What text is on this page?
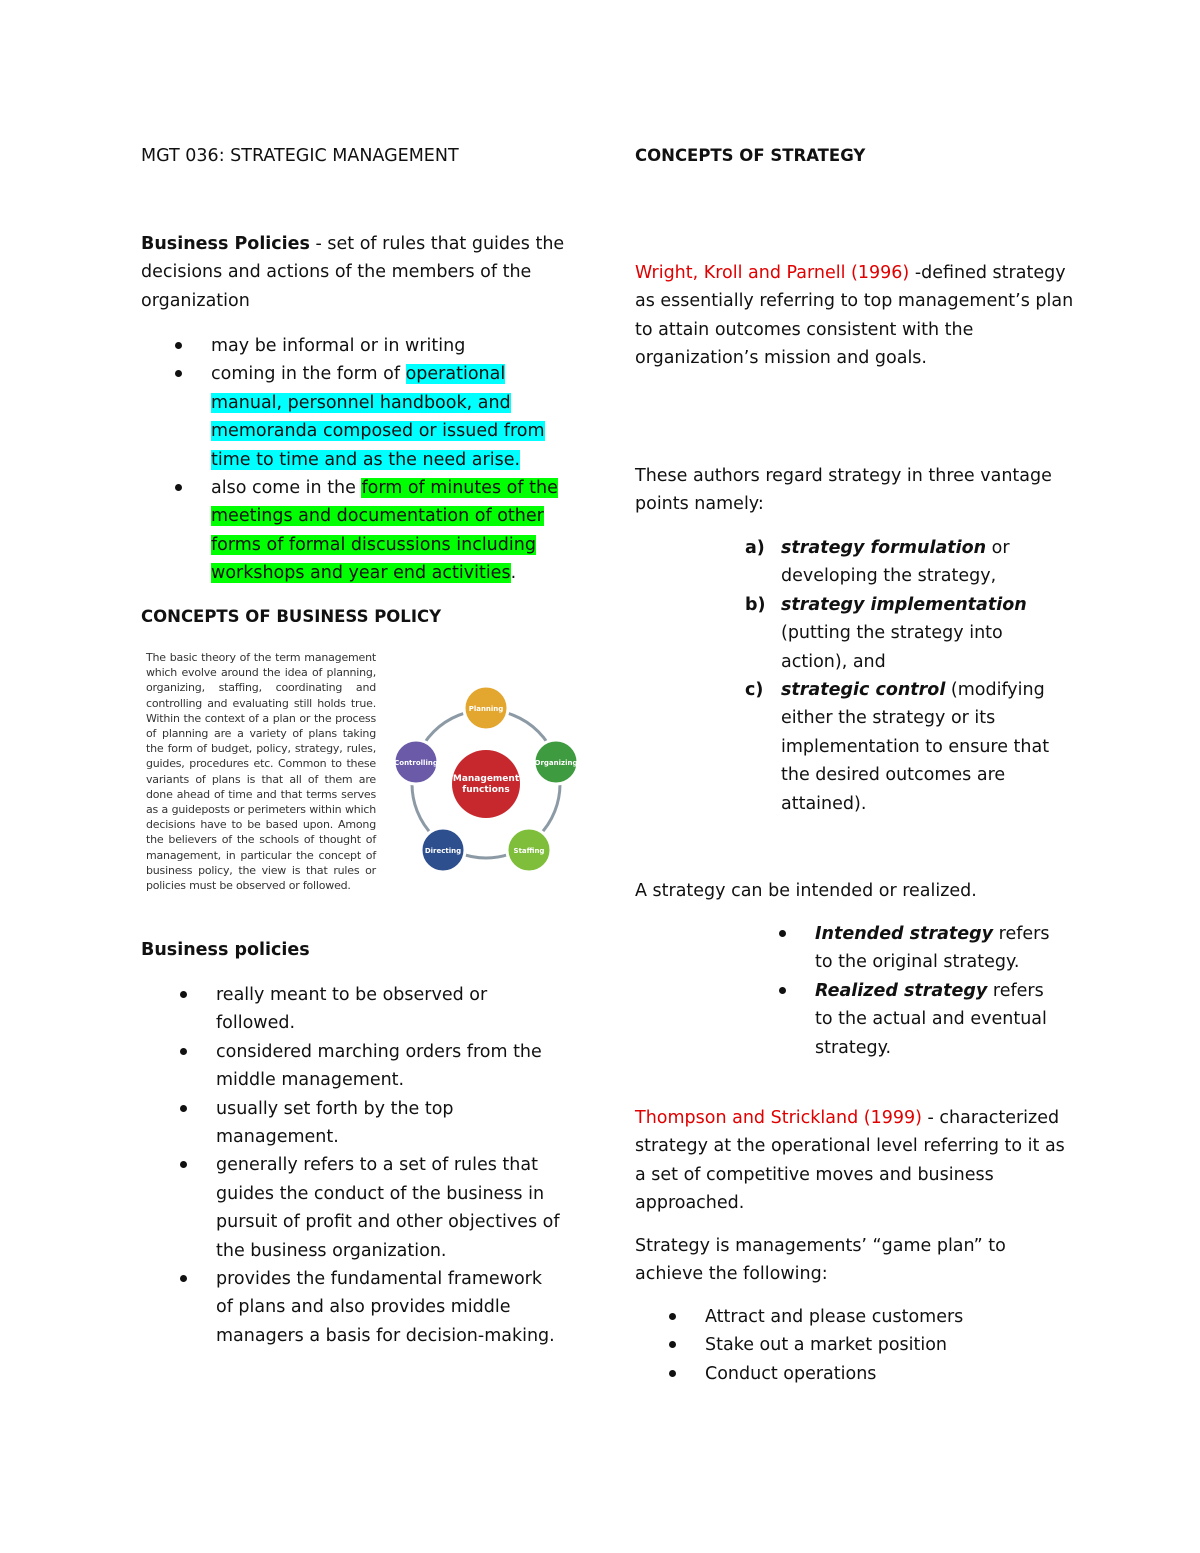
MGT 036: STRATEGIC MANAGEMENT
Business Policies - set of rules that guides the decisions and actions of the members of the organization
may be informal or in writing
coming in the form of operational manual, personnel handbook, and memoranda composed or issued from time to time and as the need arise.
also come in the form of minutes of the meetings and documentation of other forms of formal discussions including workshops and year end activities.
CONCEPTS OF BUSINESS POLICY
The basic theory of the term management which evolve around the idea of planning, organizing, staffing, coordinating and controlling and evaluating still holds true. Within the context of a plan or the process of planning are a variety of plans taking the form of budget, policy, strategy, rules, guides, procedures etc. Common to these variants of plans is that all of them are done ahead of time and that terms serves as a guideposts or perimeters within which decisions have to be based upon. Among the believers of the schools of thought of management, in particular the concept of business policy, the view is that rules or policies must be observed or followed.
Management
functions
Planning
Organizing
Staffing
Directing
Controlling
Business policies
really meant to be observed or followed.
considered marching orders from the middle management.
usually set forth by the top management.
generally refers to a set of rules that guides the conduct of the business in pursuit of profit and other objectives of the business organization.
provides the fundamental framework of plans and also provides middle managers a basis for decision-making.
CONCEPTS OF STRATEGY
Wright, Kroll and Parnell (1996) -defined strategy as essentially referring to top management’s plan to attain outcomes consistent with the organization’s mission and goals.
These authors regard strategy in three vantage points namely:
a) strategy formulation or developing the strategy,
b) strategy implementation (putting the strategy into action), and
c) strategic control (modifying either the strategy or its implementation to ensure that the desired outcomes are attained).
A strategy can be intended or realized.
Intended strategy refers to the original strategy.
Realized strategy refers to the actual and eventual strategy.
Thompson and Strickland (1999) - characterized strategy at the operational level referring to it as a set of competitive moves and business approached.
Strategy is managements’ “game plan” to achieve the following:
Attract and please customers
Stake out a market position
Conduct operations
